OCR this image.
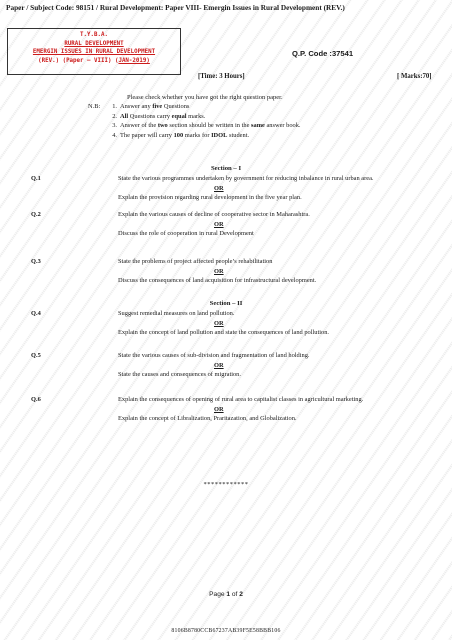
Paper / Subject Code: 98151 / Rural Development: Paper VIII- Emergin Issues in Rural Development (REV.)
T.Y.B.A.
RURAL DEVELOPMENT
EMERGIN ISSUES IN RURAL DEVELOPMENT
(REV.) (Paper – VIII) (JAN-2019)
Q.P. Code :37541
[Time: 3 Hours]	[ Marks:70]
Please check whether you have got the right question paper.
N.B:	1. Answer any five Questions
2. All Questions carry equal marks.
3. Answer of the two section should be written in the same answer book.
4. The paper will carry 100 marks for IDOL student.
Section – I
Q.1	State the various programmes undertaken by government for reducing inbalance in rural urban area.
OR
Explain the provision regarding rural development in the five year plan.
Q.2	Explain the various causes of decline of cooperative sector in Maharashtra.
OR
Discuss the role of cooperation in rural Development
Q.3	State the problems of project affected people’s rehabilitation
OR
Discuss the consequences of land acquisition for infrastructural development.
Section – II
Q.4	Suggest remedial measures on land pollution.
OR
Explain the concept of land pollution and state the consequences of land pollution.
Q.5	State the various causes of sub-division and fragmentation of land holding.
OR
State the causes and consequences of migration.
Q.6	Explain the consequences of opening of rural area to capitalist classes in agricultural marketing.
OR
Explain the concept of Libralization, Praritazation, and Globalization.
************
Page 1 of 2
8106B8780CCB67237AB39F5E58BBB106
